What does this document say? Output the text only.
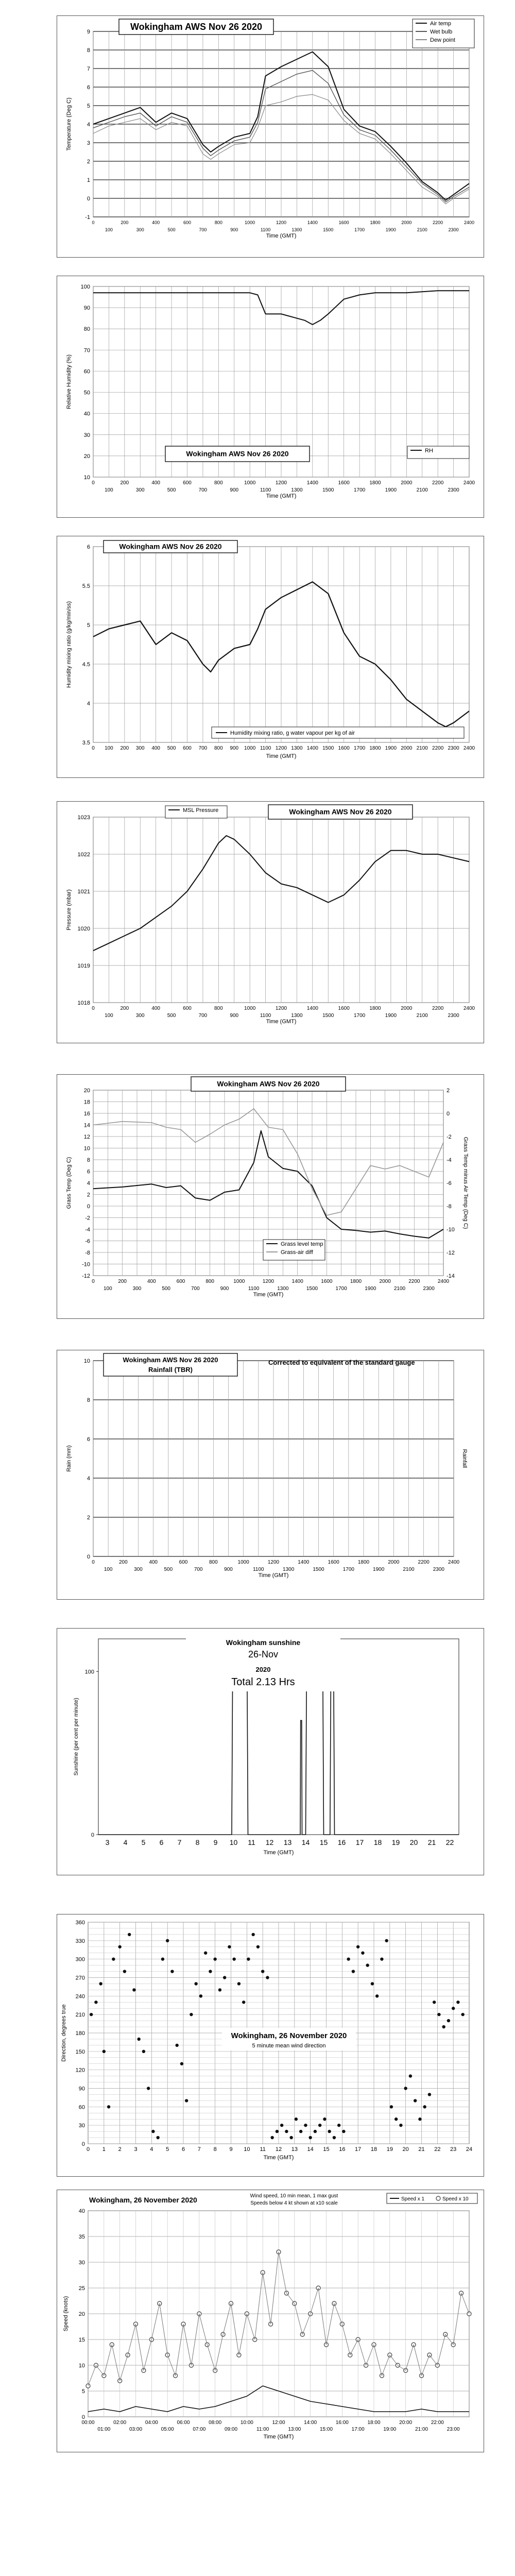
-1
0
1
2
3
4
5
6
7
8
9
0
100
200
300
400
500
600
700
800
900
1000
1100
1200
1300
1400
1500
1600
1700
1800
1900
2000
2100
2200
2300
2400
Time (GMT)
Temperature (Deg C)
Wokingham AWS Nov 26 2020	Air temp
Wet bulb
Dew point
10
20
30
40
50
60
70
80
90
100
0
100
200
300
400
500
600
700
800
900
1000
1100
1200
1300
1400
1500
1600
1700
1800
1900
2000
2100
2200
2300
2400
Time (GMT)
Relative Humidity (%)
Wokingham AWS Nov 26 2020	RH
3.5
4
4.5
5
5.5
6
0 100 200 300 400 500 600 700 800 900 1000 1100 1200 1300 1400 1500 1600 1700 1800 1900 2000 2100 2200 2300 2400
Time (GMT)
Humidity mixing ratio (g/kg/min/ss)
Wokingham AWS Nov 26 2020
Humidity mixing ratio, g water vapour per kg of air
1018
1019
1020
1021
1022
1023
0
100
200
300
400
500
600
700
800
900
1000
1100
1200
1300
1400
1500
1600
1700
1800
1900
2000
2100
2200
2300
2400
Time (GMT)
Pressure (mbar)
MSL Pressure	Wokingham AWS Nov 26 2020
-12
-10
-8
-6
-4
-2
0
2
4
6
8
10
12
14
16
18
20
0
100
200
300
400
500
600
700
800
900
1000
1100
1200
1300
1400
1500
1600
1700
1800
1900
2000
2100
2200
2300
2400
Time (GMT)
Grass Temp (Deg C)
-14
-12
-10
-8
-6
-4
-2
0
2
Grass Temp minus Air Temp (Deg C)
Wokingham AWS Nov 26 2020
Grass level temp
Grass-air diff
0
2
4
6
8
10
0
100
200
300
400
500
600
700
800
900
1000
1100
1200
1300
1400
1500
1600
1700
1800
1900
2000
2100
2200
2300
2400
Time (GMT)
Rain (mm)	Rainfall
Wokingham AWS Nov 26 2020
Rainfall (TBR)
Corrected to equivalent of the standard gauge
0
100
3 4 5 6 7 8 9 10 11 12 13 14 15 16 17 18 19 20 21 22
Time (GMT)
Sunshine (per cent per minute)
Wokingham sunshine
26-Nov
2020
Total 2.13 Hrs
0
30
60
90
120
150
180
210
240
270
300
330
360
0 1 2 3 4 5 6 7 8 9 10 11 12 13 14 15 16 17 18 19 20 21 22 23 24
Time (GMT)
Direction, degrees true	Wokingham, 26 November 2020
5 minute mean wind direction
0
5
10
15
20
25
30
35
40
00:00	02:00	04:00	06:00	08:00	10:00	12:00	14:00	16:00	18:00	20:00	22:00
01:00	03:00	05:00	07:00	09:00	11:00	13:00	15:00	17:00	19:00	21:00	23:00
Time (GMT)
Speed (knots)
Wokingham, 26 November 2020	Wind speed, 10 min mean, 1 max gust
Speeds below 4 kt shown at x10 scale
Speed x 1	Speed x 10
